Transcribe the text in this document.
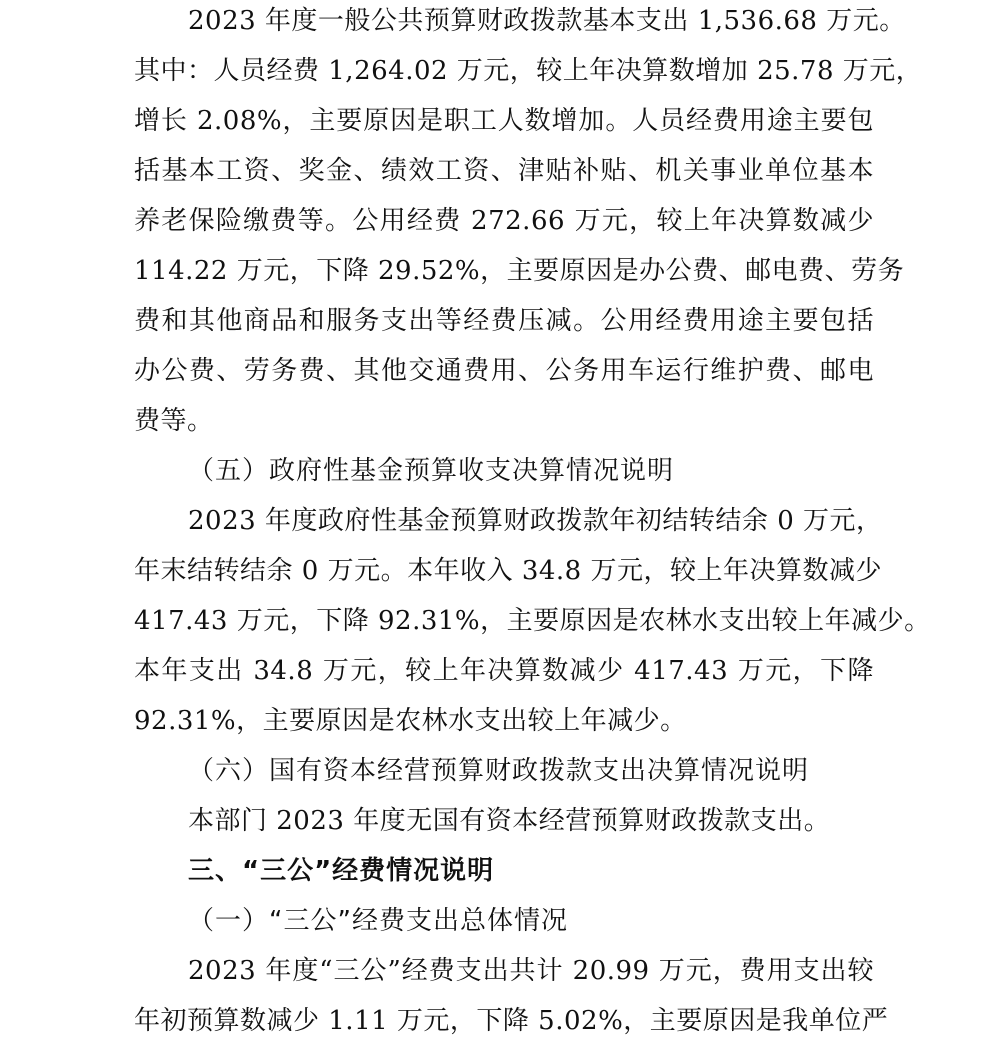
2023 年度一般公共预算财政拨款基本支出 1,536.68 万元。
其中：人员经费 1,264.02 万元，较上年决算数增加 25.78 万元，
增长 2.08%，主要原因是职工人数增加。人员经费用途主要包
括基本工资、奖金、绩效工资、津贴补贴、机关事业单位基本
养老保险缴费等。公用经费 272.66 万元，较上年决算数减少
114.22 万元，下降 29.52%，主要原因是办公费、邮电费、劳务
费和其他商品和服务支出等经费压减。公用经费用途主要包括
办公费、劳务费、其他交通费用、公务用车运行维护费、邮电
费等。
（五）政府性基金预算收支决算情况说明
2023 年度政府性基金预算财政拨款年初结转结余 0 万元，
年末结转结余 0 万元。本年收入 34.8 万元，较上年决算数减少
417.43 万元，下降 92.31%，主要原因是农林水支出较上年减少。
本年支出 34.8 万元，较上年决算数减少 417.43 万元，下降
92.31%，主要原因是农林水支出较上年减少。
（六）国有资本经营预算财政拨款支出决算情况说明
本部门 2023 年度无国有资本经营预算财政拨款支出。
三、“三公”经费情况说明
（一）“三公”经费支出总体情况
2023 年度“三公”经费支出共计 20.99 万元，费用支出较
年初预算数减少 1.11 万元，下降 5.02%，主要原因是我单位严
